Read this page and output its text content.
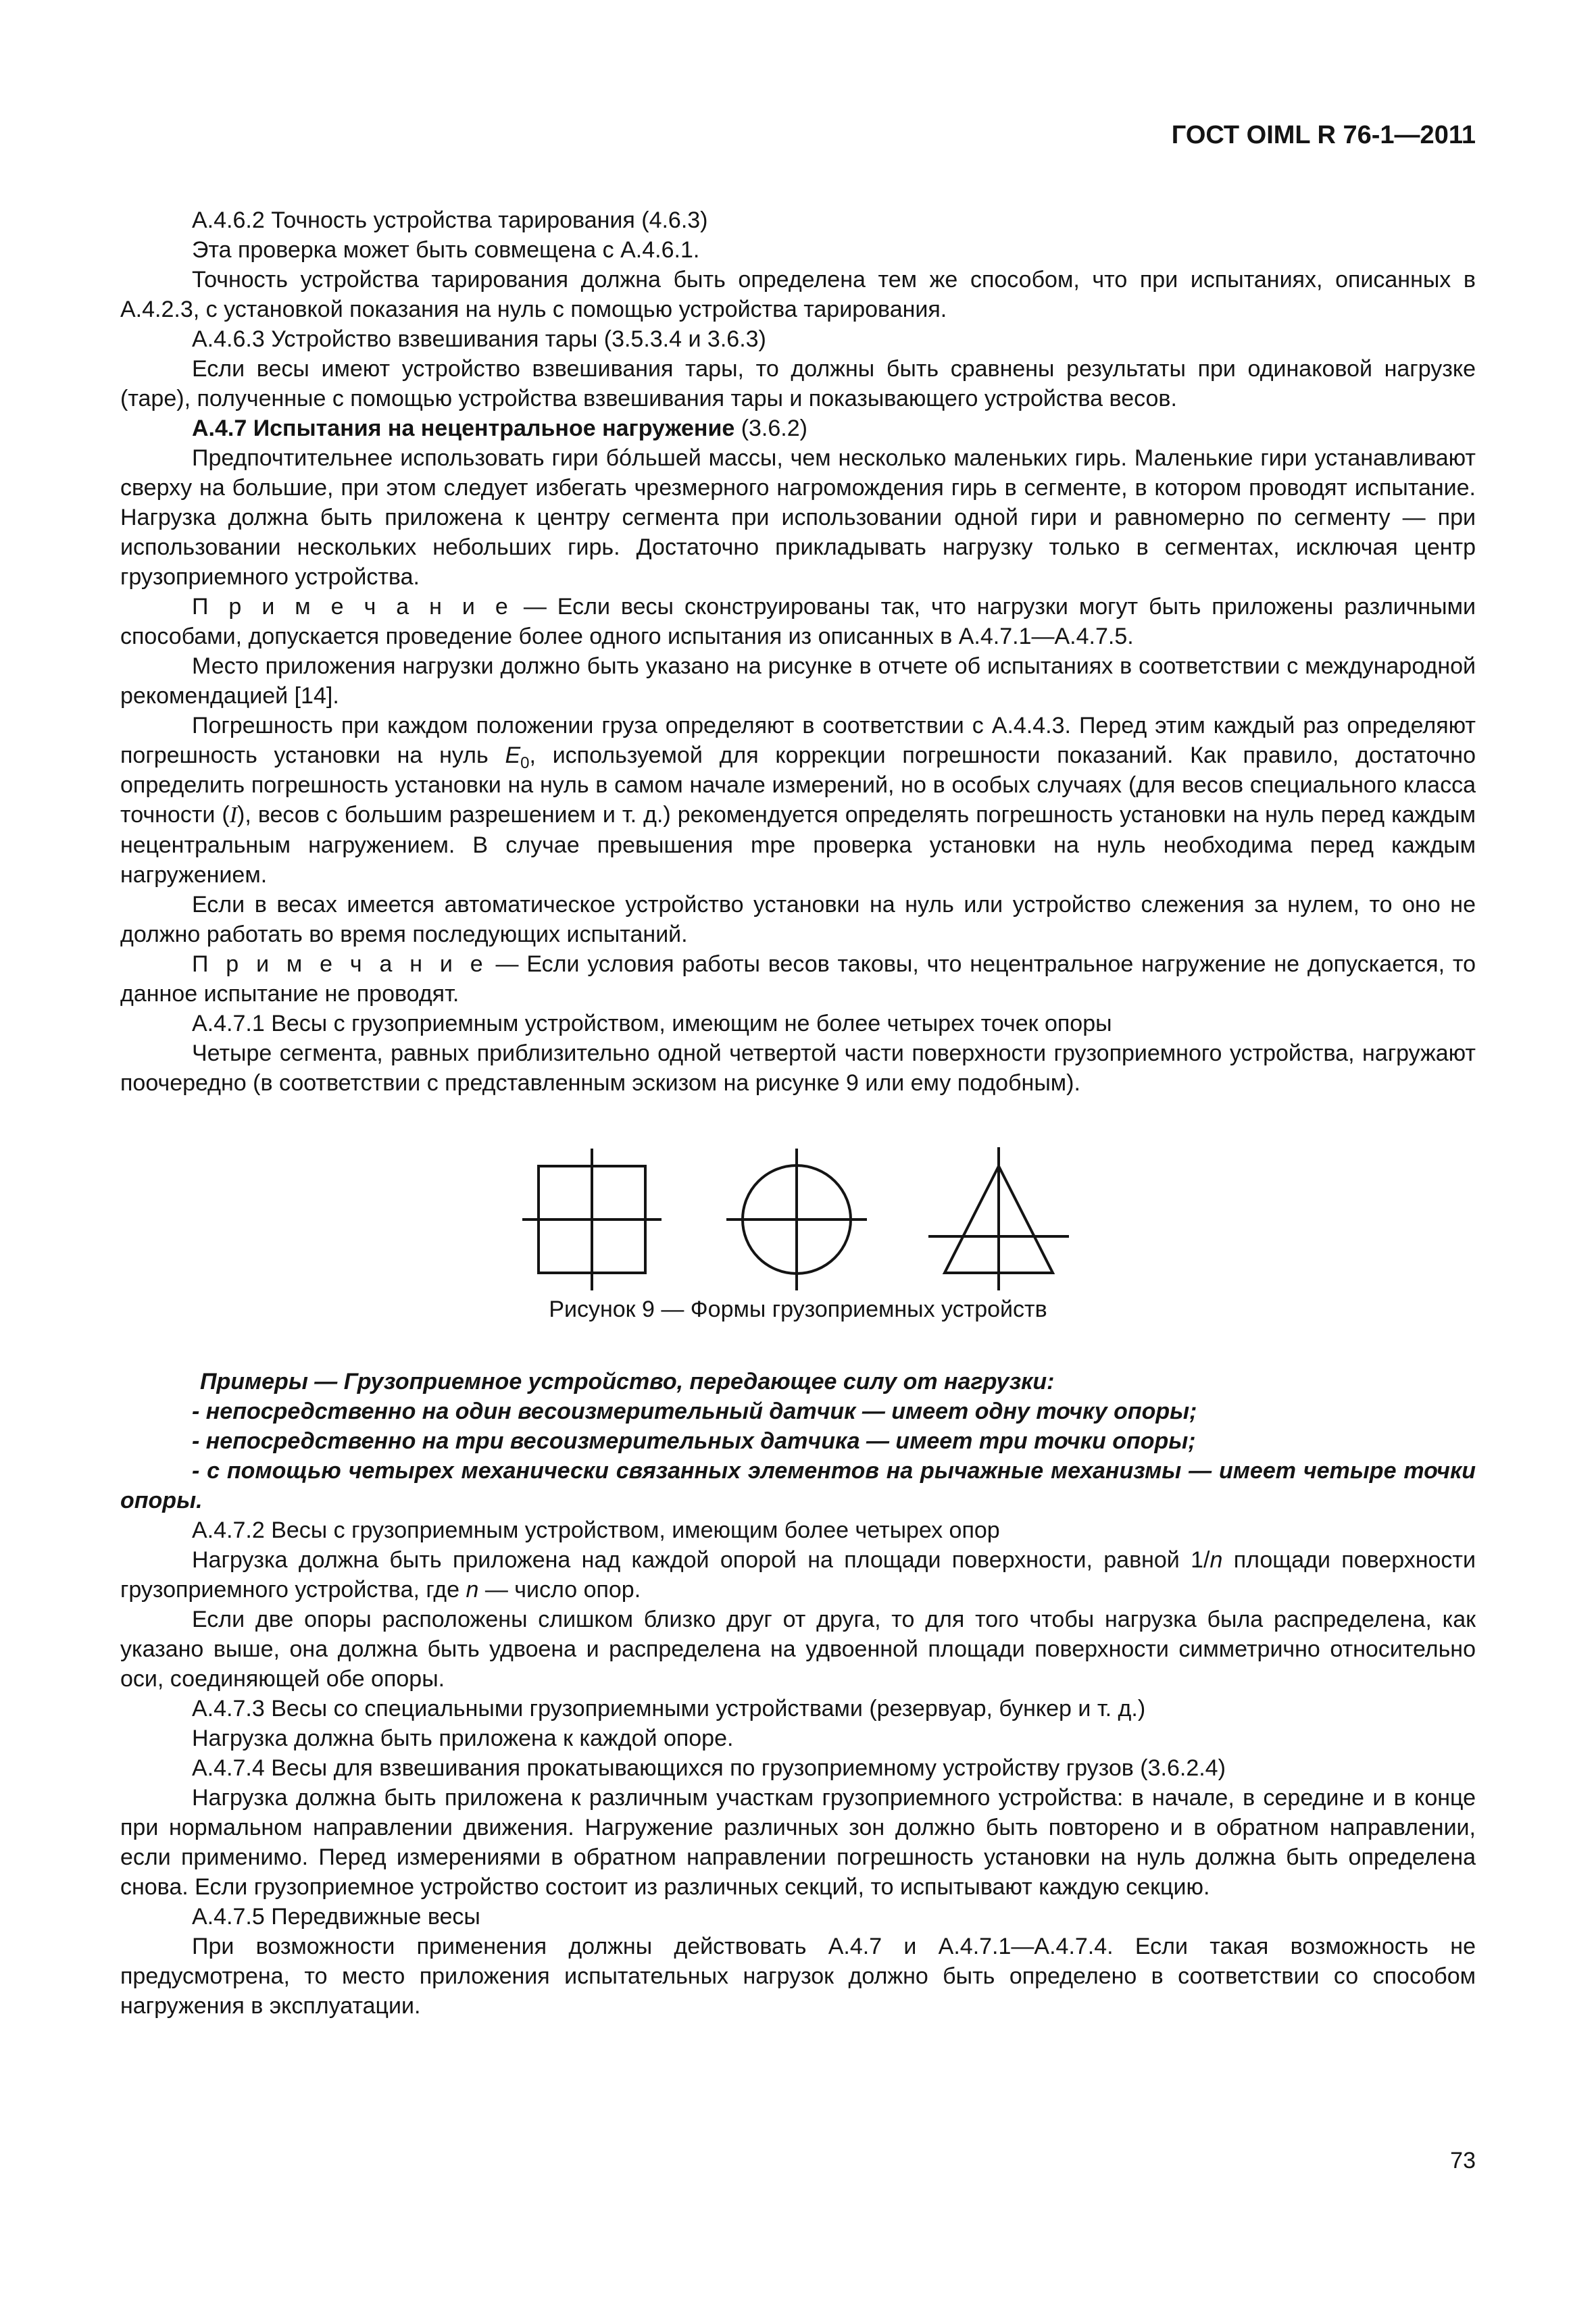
ГОСТ OIML R 76-1—2011

А.4.6.2 Точность устройства тарирования (4.6.3)

Эта проверка может быть совмещена с А.4.6.1.

Точность устройства тарирования должна быть определена тем же способом, что при испытаниях, описанных в А.4.2.3, с установкой показания на нуль с помощью устройства тарирования.

А.4.6.3 Устройство взвешивания тары (3.5.3.4 и 3.6.3)

Если весы имеют устройство взвешивания тары, то должны быть сравнены результаты при одинаковой нагрузке (таре), полученные с помощью устройства взвешивания тары и показывающего устройства весов.

А.4.7 Испытания на нецентральное нагружение (3.6.2)

Предпочтительнее использовать гири бóльшей массы, чем несколько маленьких гирь. Маленькие гири устанавливают сверху на большие, при этом следует избегать чрезмерного нагромождения гирь в сегменте, в котором проводят испытание. Нагрузка должна быть приложена к центру сегмента при использовании одной гири и равномерно по сегменту — при использовании нескольких небольших гирь. Достаточно прикладывать нагрузку только в сегментах, исключая центр грузоприемного устройства.

П р и м е ч а н и е — Если весы сконструированы так, что нагрузки могут быть приложены различными способами, допускается проведение более одного испытания из описанных в А.4.7.1—А.4.7.5.

Место приложения нагрузки должно быть указано на рисунке в отчете об испытаниях в соответствии с международной рекомендацией [14].

Погрешность при каждом положении груза определяют в соответствии с А.4.4.3. Перед этим каждый раз определяют погрешность установки на нуль $E_0$, используемой для коррекции погрешности показаний. Как правило, достаточно определить погрешность установки на нуль в самом начале измерений, но в особых случаях (для весов специального класса точности (I), весов с большим разрешением и т. д.) рекомендуется определять погрешность установки на нуль перед каждым нецентральным нагружением. В случае превышения mpe проверка установки на нуль необходима перед каждым нагружением.

Если в весах имеется автоматическое устройство установки на нуль или устройство слежения за нулем, то оно не должно работать во время последующих испытаний.

П р и м е ч а н и е — Если условия работы весов таковы, что нецентральное нагружение не допускается, то данное испытание не проводят.

А.4.7.1 Весы с грузоприемным устройством, имеющим не более четырех точек опоры

Четыре сегмента, равных приблизительно одной четвертой части поверхности грузоприемного устройства, нагружают поочередно (в соответствии с представленным эскизом на рисунке 9 или ему подобным).

Рисунок 9 — Формы грузоприемных устройств

Примеры — Грузоприемное устройство, передающее силу от нагрузки:

- непосредственно на один весоизмерительный датчик — имеет одну точку опоры;

- непосредственно на три весоизмерительных датчика — имеет три точки опоры;

- с помощью четырех механически связанных элементов на рычажные механизмы — имеет четыре точки опоры.

А.4.7.2 Весы с грузоприемным устройством, имеющим более четырех опор

Нагрузка должна быть приложена над каждой опорой на площади поверхности, равной 1/n площади поверхности грузоприемного устройства, где n — число опор.

Если две опоры расположены слишком близко друг от друга, то для того чтобы нагрузка была распределена, как указано выше, она должна быть удвоена и распределена на удвоенной площади поверхности симметрично относительно оси, соединяющей обе опоры.

А.4.7.3 Весы со специальными грузоприемными устройствами (резервуар, бункер и т. д.)

Нагрузка должна быть приложена к каждой опоре.

А.4.7.4 Весы для взвешивания прокатывающихся по грузоприемному устройству грузов (3.6.2.4)

Нагрузка должна быть приложена к различным участкам грузоприемного устройства: в начале, в середине и в конце при нормальном направлении движения. Нагружение различных зон должно быть повторено и в обратном направлении, если применимо. Перед измерениями в обратном направлении погрешность установки на нуль должна быть определена снова. Если грузоприемное устройство состоит из различных секций, то испытывают каждую секцию.

А.4.7.5 Передвижные весы

При возможности применения должны действовать А.4.7 и А.4.7.1—А.4.7.4. Если такая возможность не предусмотрена, то место приложения испытательных нагрузок должно быть определено в соответствии со способом нагружения в эксплуатации.

73
